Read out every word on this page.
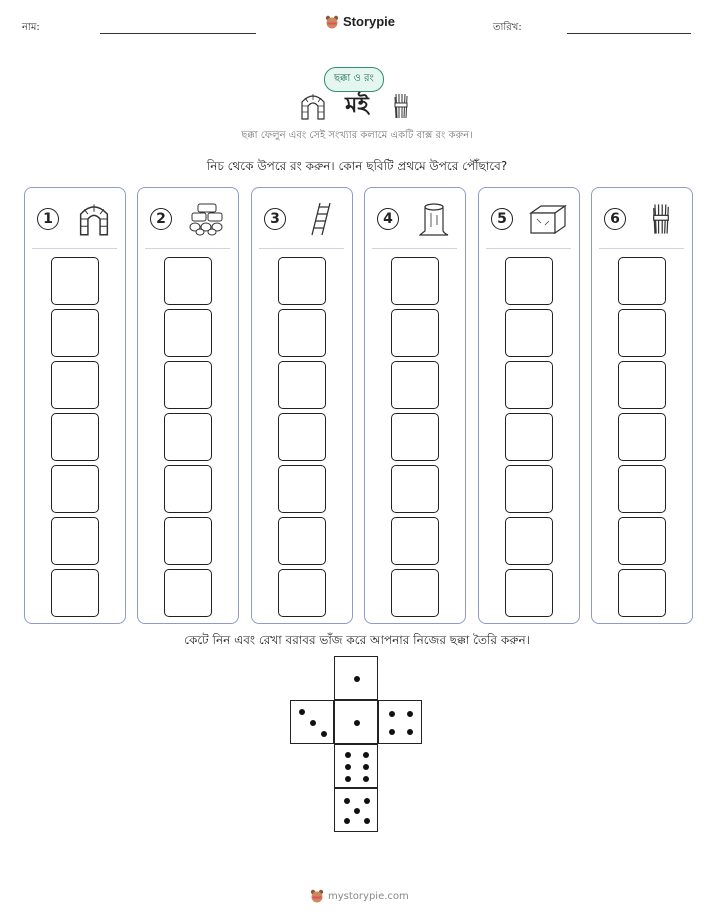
নাম:	Storypie	তারিখ:
ছক্কা ও রং
মই
ছক্কা ফেলুন এবং সেই সংখ্যার কলামে একটি বাক্স রং করুন।
নিচ থেকে উপরে রং করুন। কোন ছবিটি প্রথমে উপরে পৌঁছাবে?
1	2	3	4	5	6
কেটে নিন এবং রেখা বরাবর ভাঁজ করে আপনার নিজের ছক্কা তৈরি করুন।
mystorypie.com
